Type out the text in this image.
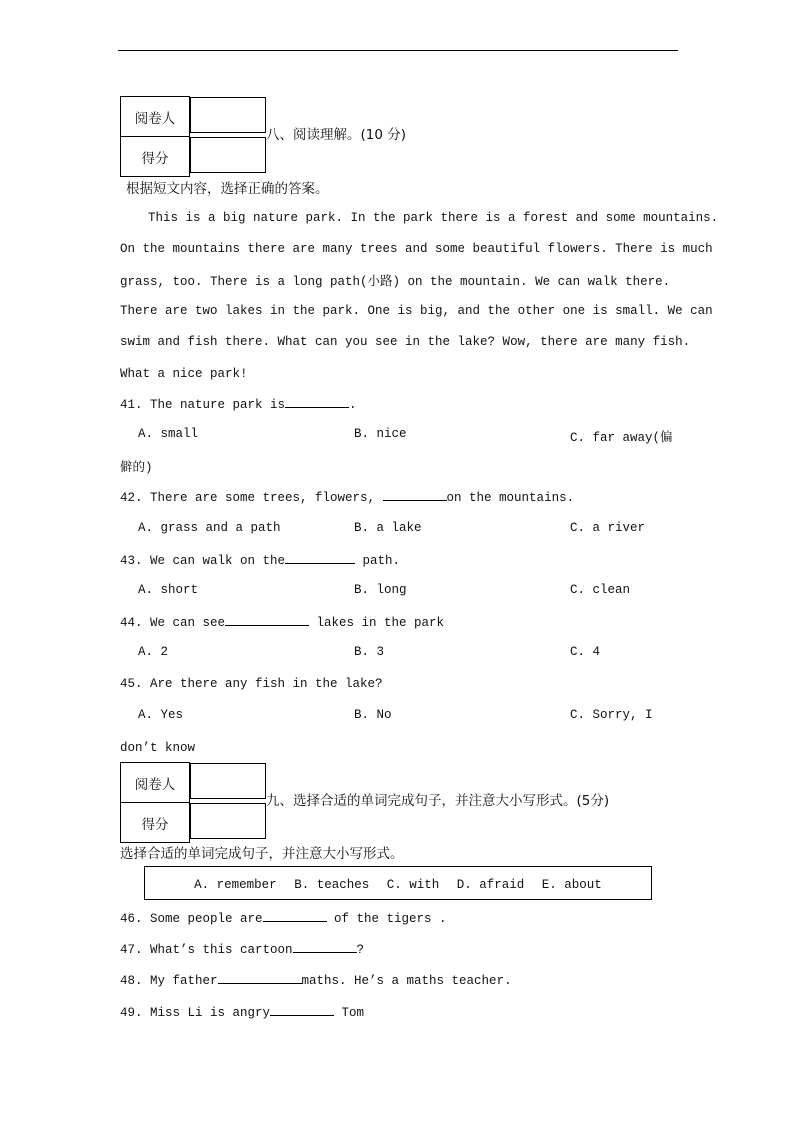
阅卷人	
得分	
八、阅读理解。(10 分)
根据短文内容，选择正确的答案。
This is a big nature park. In the park there is a forest and some mountains.
On the mountains there are many trees and some beautiful flowers. There is much
grass, too. There is a long path(小路) on the mountain. We can walk there.
There are two lakes in the park. One is big, and the other one is small. We can
swim and fish there. What can you see in the lake? Wow, there are many fish.
What a nice park!
41. The nature park is	.
A. small	B. nice	C. far away(偏
僻的)
42. There are some trees, flowers,	on the mountains.
A. grass and a path	B. a lake	C. a river
43. We can walk on the	path.
A. short	B. long	C. clean
44. We can see	lakes in the park
A. 2	B. 3	C. 4
45. Are there any fish in the lake?
A. Yes	B. No	C. Sorry, I
don’t know
阅卷人	
得分	
九、选择合适的单词完成句子，并注意大小写形式。(5分)
选择合适的单词完成句子，并注意大小写形式。
A. remember B. teaches C. with D. afraid E. about
46. Some people are	of the tigers .
47. What’s this cartoon	?
48. My father	maths. He’s a maths teacher.
49. Miss Li is angry	Tom
